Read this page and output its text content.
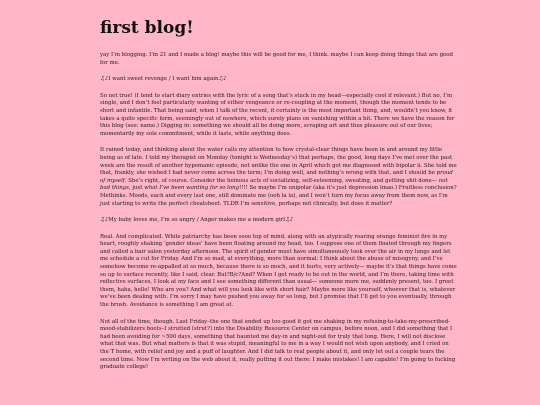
first blog!

yay I’m blogging. I’m 21 and I made a blog! maybe this will be good for me, I think. maybe I can keep doing things that are good for me.

♫♪I want sweet revenge / I want him again♫♪

So not true! (I tend to start diary entries with the lyric of a song that’s stuck in my head—especially cool if relevant.) But no, I’m single, and I don’t feel particularly wanting of either vengeance or re-coupling at the moment, though the moment tends to be short and infantile. That being said, when I talk of the recent, it certainly is the most important thing, and, wouldn’t you know, it takes a quite specific form, seemingly out of nowhere, which surely plans on vanishing within a bit. There we have the reason for this blog (see: name.) Digging in: something we should all be doing more, scraping art and thus pleasure out of our lives; momentarily my sole commitment, while it lasts, while anything does.

It rained today, and thinking about the water calls my attention to how crystal-clear things have been in and around my little being as of late. I told my therapist on Monday (tonight is Wednesday’s) that perhaps, the good, long days I’ve met over the past week are the result of another hypomanic episode, not unlike the one in April which got me diagnosed with bipolar ii. She told me that, frankly, she wished I had never come across the term; I’m doing well, and nothing’s wrong with that, and I should be proud of myself. She’s right, of course. Consider the heinous acts of socializing, self-esteeming, sweating, and getting shit done— not bad things, just what I’ve been wanting for so long!!!! So maybe I’m unipolar (aka it’s just depression lmao.) Fruitless conclusion? Methinks. Moods, each and every last one, still dominate me (ooh la la), and I won’t turn my focus away from them now, as I’m just starting to write the perfect cheatsheet. TLDR I’m sensitive, perhaps not clinically, but does it matter?

♫♪My baby loves me, I’m so angry / Anger makes me a modern girl♫♪

Real. And complicated. While patriarchy has been sooo top of mind, along with an atypically roaring orange feminist fire in my heart, roughly shaking ‘gender ideas’ have been floating around my head, too. I suppose one of them floated through my fingers and called a hair salon yesterday afternoon. The spirit of gender must have simultaneously took over the air in my lungs and let me schedule a cut for Friday. And I’m so mad, at everything, more than normal: I think about the abuse of misogyny, and I’ve somehow become re-appalled at so much, because there is so much, and it hurts, very actively— maybe it’s that things have come so up to surface recently, like I said, clear. But?B/c?And? When I get ready to be out in the world, and I’m there, taking time with reflective surfaces, I look at my face and I see something different than usual— someone more me, suddenly present, too. I greet them, haha, hello! Who are you? And what will you look like with short hair? Maybe more like yourself, whoever that is, whatever we’ve been dealing with. I’m sorry I may have pushed you away for so long, but I promise that I’ll get to you eventually, through the brush. Avoidance is something I am great at.

Not all of the time, though. Last Friday–the one that ended up too good it got me shaking in my refusing-to-take-my-prescribed-mood-stabilizers boots–I strutted (strut?) into the Disability Resource Center on campus, before noon, and I did something that I had been avoiding for ~500 days, something that haunted me day-in and night-out for truly that long. Here, I will not disclose what that was. But what matters is that it was stupid, meaningful to me in a way I would not wish upon anybody, and I cried on the T home, with relief and joy and a puff of laughter. And I did talk to real people about it, and only let out a couple tears the second time. Now I’m writing on the web about it, really putting it out there: I make mistakes! I am capable! I’m going to fucking graduate college!
